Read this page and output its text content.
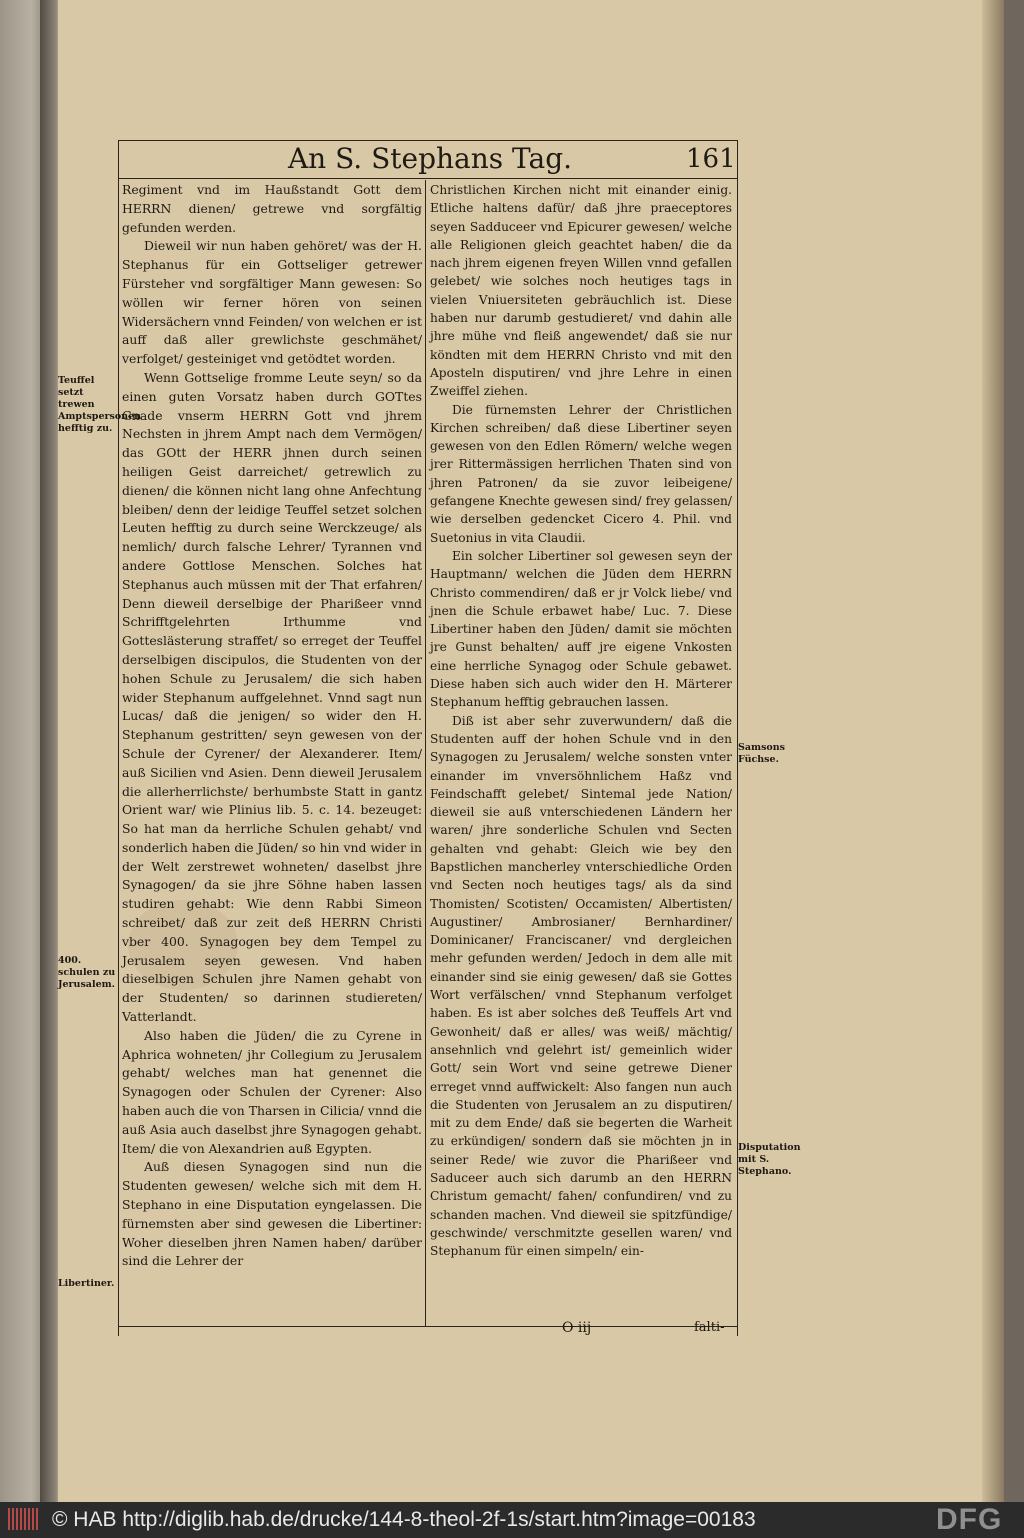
An S. Stephans Tag.	161

Regiment vnd im Haußstandt Gott dem HERRN dienen/ getrewe vnd sorgfältig gefunden werden.

Dieweil wir nun haben gehöret/ was der H. Stephanus für ein Gottseliger getrewer Fürsteher vnd sorgfältiger Mann gewesen: So wöllen wir ferner hören von seinen Widersächern vnnd Feinden/ von welchen er ist auff daß aller grewlichste geschmähet/ verfolget/ gesteiniget vnd getödtet worden.

Wenn Gottselige fromme Leute seyn/ so da einen guten Vorsatz haben durch GOTtes Gnade vnserm HERRN Gott vnd jhrem Nechsten in jhrem Ampt nach dem Vermögen/ das GOtt der HERR jhnen durch seinen heiligen Geist darreichet/ getrewlich zu dienen/ die können nicht lang ohne Anfechtung bleiben/ denn der leidige Teuffel setzet solchen Leuten hefftig zu durch seine Werckzeuge/ als nemlich/ durch falsche Lehrer/ Tyrannen vnd andere Gottlose Menschen. Solches hat Stephanus auch müssen mit der That erfahren/ Denn dieweil derselbige der Pharißeer vnnd Schrifftgelehrten Irthumme vnd Gotteslästerung straffet/ so erreget der Teuffel derselbigen discipulos, die Studenten von der hohen Schule zu Jerusalem/ die sich haben wider Stephanum auffgelehnet. Vnnd sagt nun Lucas/ daß die jenigen/ so wider den H. Stephanum gestritten/ seyn gewesen von der Schule der Cyrener/ der Alexanderer. Item/ auß Sicilien vnd Asien. Denn dieweil Jerusalem die allerherrlichste/ berhumbste Statt in gantz Orient war/ wie Plinius lib. 5. c. 14. bezeuget: So hat man da herrliche Schulen gehabt/ vnd sonderlich haben die Jüden/ so hin vnd wider in der Welt zerstrewet wohneten/ daselbst jhre Synagogen/ da sie jhre Söhne haben lassen studiren gehabt: Wie denn Rabbi Simeon schreibet/ daß zur zeit deß HERRN Christi vber 400. Synagogen bey dem Tempel zu Jerusalem seyen gewesen. Vnd haben dieselbigen Schulen jhre Namen gehabt von der Studenten/ so darinnen studiereten/ Vatterlandt.

Also haben die Jüden/ die zu Cyrene in Aphrica wohneten/ jhr Collegium zu Jerusalem gehabt/ welches man hat genennet die Synagogen oder Schulen der Cyrener: Also haben auch die von Tharsen in Cilicia/ vnnd die auß Asia auch daselbst jhre Synagogen gehabt. Item/ die von Alexandrien auß Egypten.

Auß diesen Synagogen sind nun die Studenten gewesen/ welche sich mit dem H. Stephano in eine Disputation eyngelassen. Die fürnemsten aber sind gewesen die Libertiner: Woher dieselben jhren Namen haben/ darüber sind die Lehrer der

Christlichen Kirchen nicht mit einander einig. Etliche haltens dafür/ daß jhre praeceptores seyen Sadduceer vnd Epicurer gewesen/ welche alle Religionen gleich geachtet haben/ die da nach jhrem eigenen freyen Willen vnnd gefallen gelebet/ wie solches noch heutiges tags in vielen Vniuersiteten gebräuchlich ist. Diese haben nur darumb gestudieret/ vnd dahin alle jhre mühe vnd fleiß angewendet/ daß sie nur köndten mit dem HERRN Christo vnd mit den Aposteln disputiren/ vnd jhre Lehre in einen Zweiffel ziehen.

Die fürnemsten Lehrer der Christlichen Kirchen schreiben/ daß diese Libertiner seyen gewesen von den Edlen Römern/ welche wegen jrer Rittermässigen herrlichen Thaten sind von jhren Patronen/ da sie zuvor leibeigene/ gefangene Knechte gewesen sind/ frey gelassen/ wie derselben gedencket Cicero 4. Phil. vnd Suetonius in vita Claudii.

Ein solcher Libertiner sol gewesen seyn der Hauptmann/ welchen die Jüden dem HERRN Christo commendiren/ daß er jr Volck liebe/ vnd jnen die Schule erbawet habe/ Luc. 7. Diese Libertiner haben den Jüden/ damit sie möchten jre Gunst behalten/ auff jre eigene Vnkosten eine herrliche Synagog oder Schule gebawet. Diese haben sich auch wider den H. Märterer Stephanum hefftig gebrauchen lassen.

Diß ist aber sehr zuverwundern/ daß die Studenten auff der hohen Schule vnd in den Synagogen zu Jerusalem/ welche sonsten vnter einander im vnversöhnlichem Haßz vnd Feindschafft gelebet/ Sintemal jede Nation/ dieweil sie auß vnterschiedenen Ländern her waren/ jhre sonderliche Schulen vnd Secten gehalten vnd gehabt: Gleich wie bey den Bapstlichen mancherley vnterschiedliche Orden vnd Secten noch heutiges tags/ als da sind Thomisten/ Scotisten/ Occamisten/ Albertisten/ Augustiner/ Ambrosianer/ Bernhardiner/ Dominicaner/ Franciscaner/ vnd dergleichen mehr gefunden werden/ Jedoch in dem alle mit einander sind sie einig gewesen/ daß sie Gottes Wort verfälschen/ vnnd Stephanum verfolget haben. Es ist aber solches deß Teuffels Art vnd Gewonheit/ daß er alles/ was weiß/ mächtig/ ansehnlich vnd gelehrt ist/ gemeinlich wider Gott/ sein Wort vnd seine getrewe Diener erreget vnnd auffwickelt: Also fangen nun auch die Studenten von Jerusalem an zu disputiren/ mit zu dem Ende/ daß sie begerten die Warheit zu erkündigen/ sondern daß sie möchten jn in seiner Rede/ wie zuvor die Pharißeer vnd Saduceer auch sich darumb an den HERRN Christum gemacht/ fahen/ confundiren/ vnd zu schanden machen. Vnd dieweil sie spitzfündige/ geschwinde/ verschmitzte gesellen waren/ vnd Stephanum für einen simpeln/ ein-

Teuffel setzt trewen Amptspersonen hefftig zu.
400. schulen zu Jerusalem.
Libertiner.
Samsons Füchse.
Disputation mit S. Stephano.
O iij	falti-
© HAB http://diglib.hab.de/drucke/144-8-theol-2f-1s/start.htm?image=00183	DFG
